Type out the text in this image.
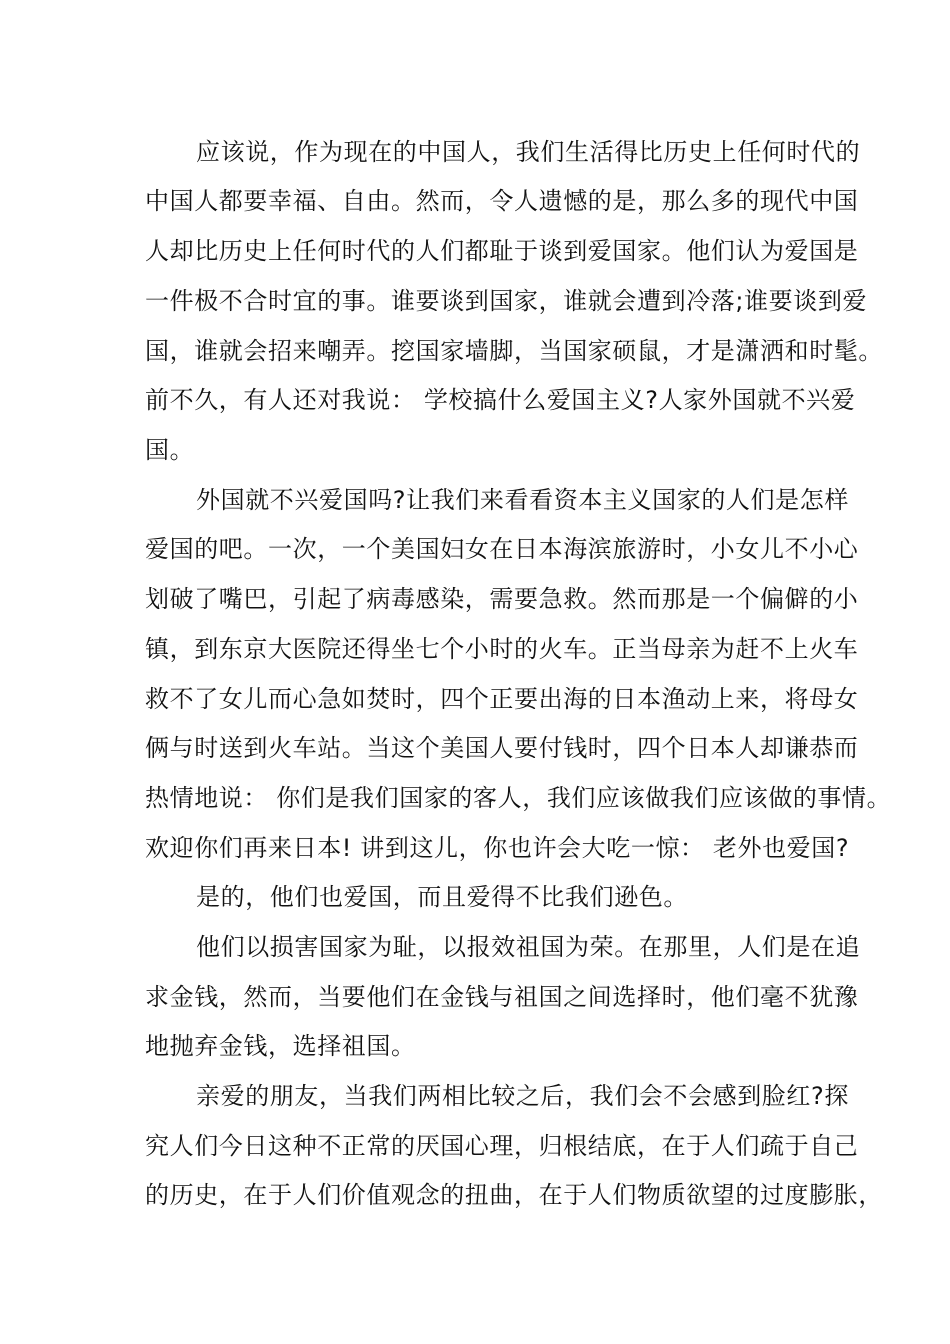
应该说，作为现在的中国人，我们生活得比历史上任何时代的
中国人都要幸福、自由。然而，令人遗憾的是，那么多的现代中国
人却比历史上任何时代的人们都耻于谈到爱国家。他们认为爱国是
一件极不合时宜的事。谁要谈到国家，谁就会遭到冷落;谁要谈到爱
国，谁就会招来嘲弄。挖国家墙脚，当国家硕鼠，才是潇洒和时髦。
前不久，有人还对我说： 学校搞什么爱国主义?人家外国就不兴爱
国。
外国就不兴爱国吗?让我们来看看资本主义国家的人们是怎样
爱国的吧。一次，一个美国妇女在日本海滨旅游时，小女儿不小心
划破了嘴巴，引起了病毒感染，需要急救。然而那是一个偏僻的小
镇，到东京大医院还得坐七个小时的火车。正当母亲为赶不上火车
救不了女儿而心急如焚时，四个正要出海的日本渔动上来，将母女
俩与时送到火车站。当这个美国人要付钱时，四个日本人却谦恭而
热情地说： 你们是我们国家的客人，我们应该做我们应该做的事情。
欢迎你们再来日本! 讲到这儿，你也许会大吃一惊： 老外也爱国?
是的，他们也爱国，而且爱得不比我们逊色。
他们以损害国家为耻，以报效祖国为荣。在那里，人们是在追
求金钱，然而，当要他们在金钱与祖国之间选择时，他们毫不犹豫
地抛弃金钱，选择祖国。
亲爱的朋友，当我们两相比较之后，我们会不会感到脸红?探
究人们今日这种不正常的厌国心理，归根结底，在于人们疏于自己
的历史，在于人们价值观念的扭曲，在于人们物质欲望的过度膨胀，
